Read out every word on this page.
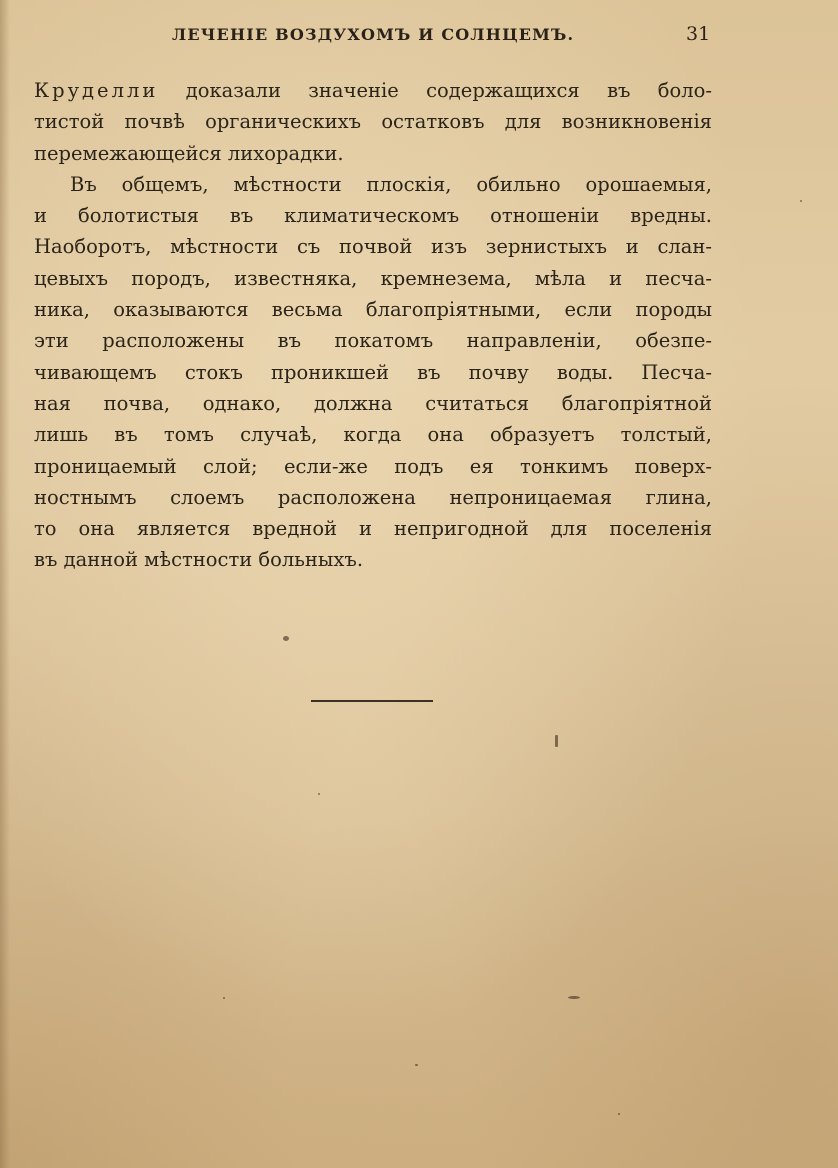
ЛЕЧЕНІЕ ВОЗДУХОМЪ И СОЛНЦЕМЪ.	31
Круделли доказали значеніе содержащихся въ боло-
тистой почвѣ органическихъ остатковъ для возникновенія
перемежающейся лихорадки.
Въ общемъ, мѣстности плоскія, обильно орошаемыя,
и болотистыя въ климатическомъ отношеніи вредны.
Наоборотъ, мѣстности съ почвой изъ зернистыхъ и слан-
цевыхъ породъ, известняка, кремнезема, мѣла и песча-
ника, оказываются весьма благопріятными, если породы
эти расположены въ покатомъ направленіи, обезпе-
чивающемъ стокъ проникшей въ почву воды. Песча-
ная почва, однако, должна считаться благопріятной
лишь въ томъ случаѣ, когда она образуетъ толстый,
проницаемый слой; если-же подъ ея тонкимъ поверх-
ностнымъ слоемъ расположена непроницаемая глина,
то она является вредной и непригодной для поселенія
въ данной мѣстности больныхъ.
